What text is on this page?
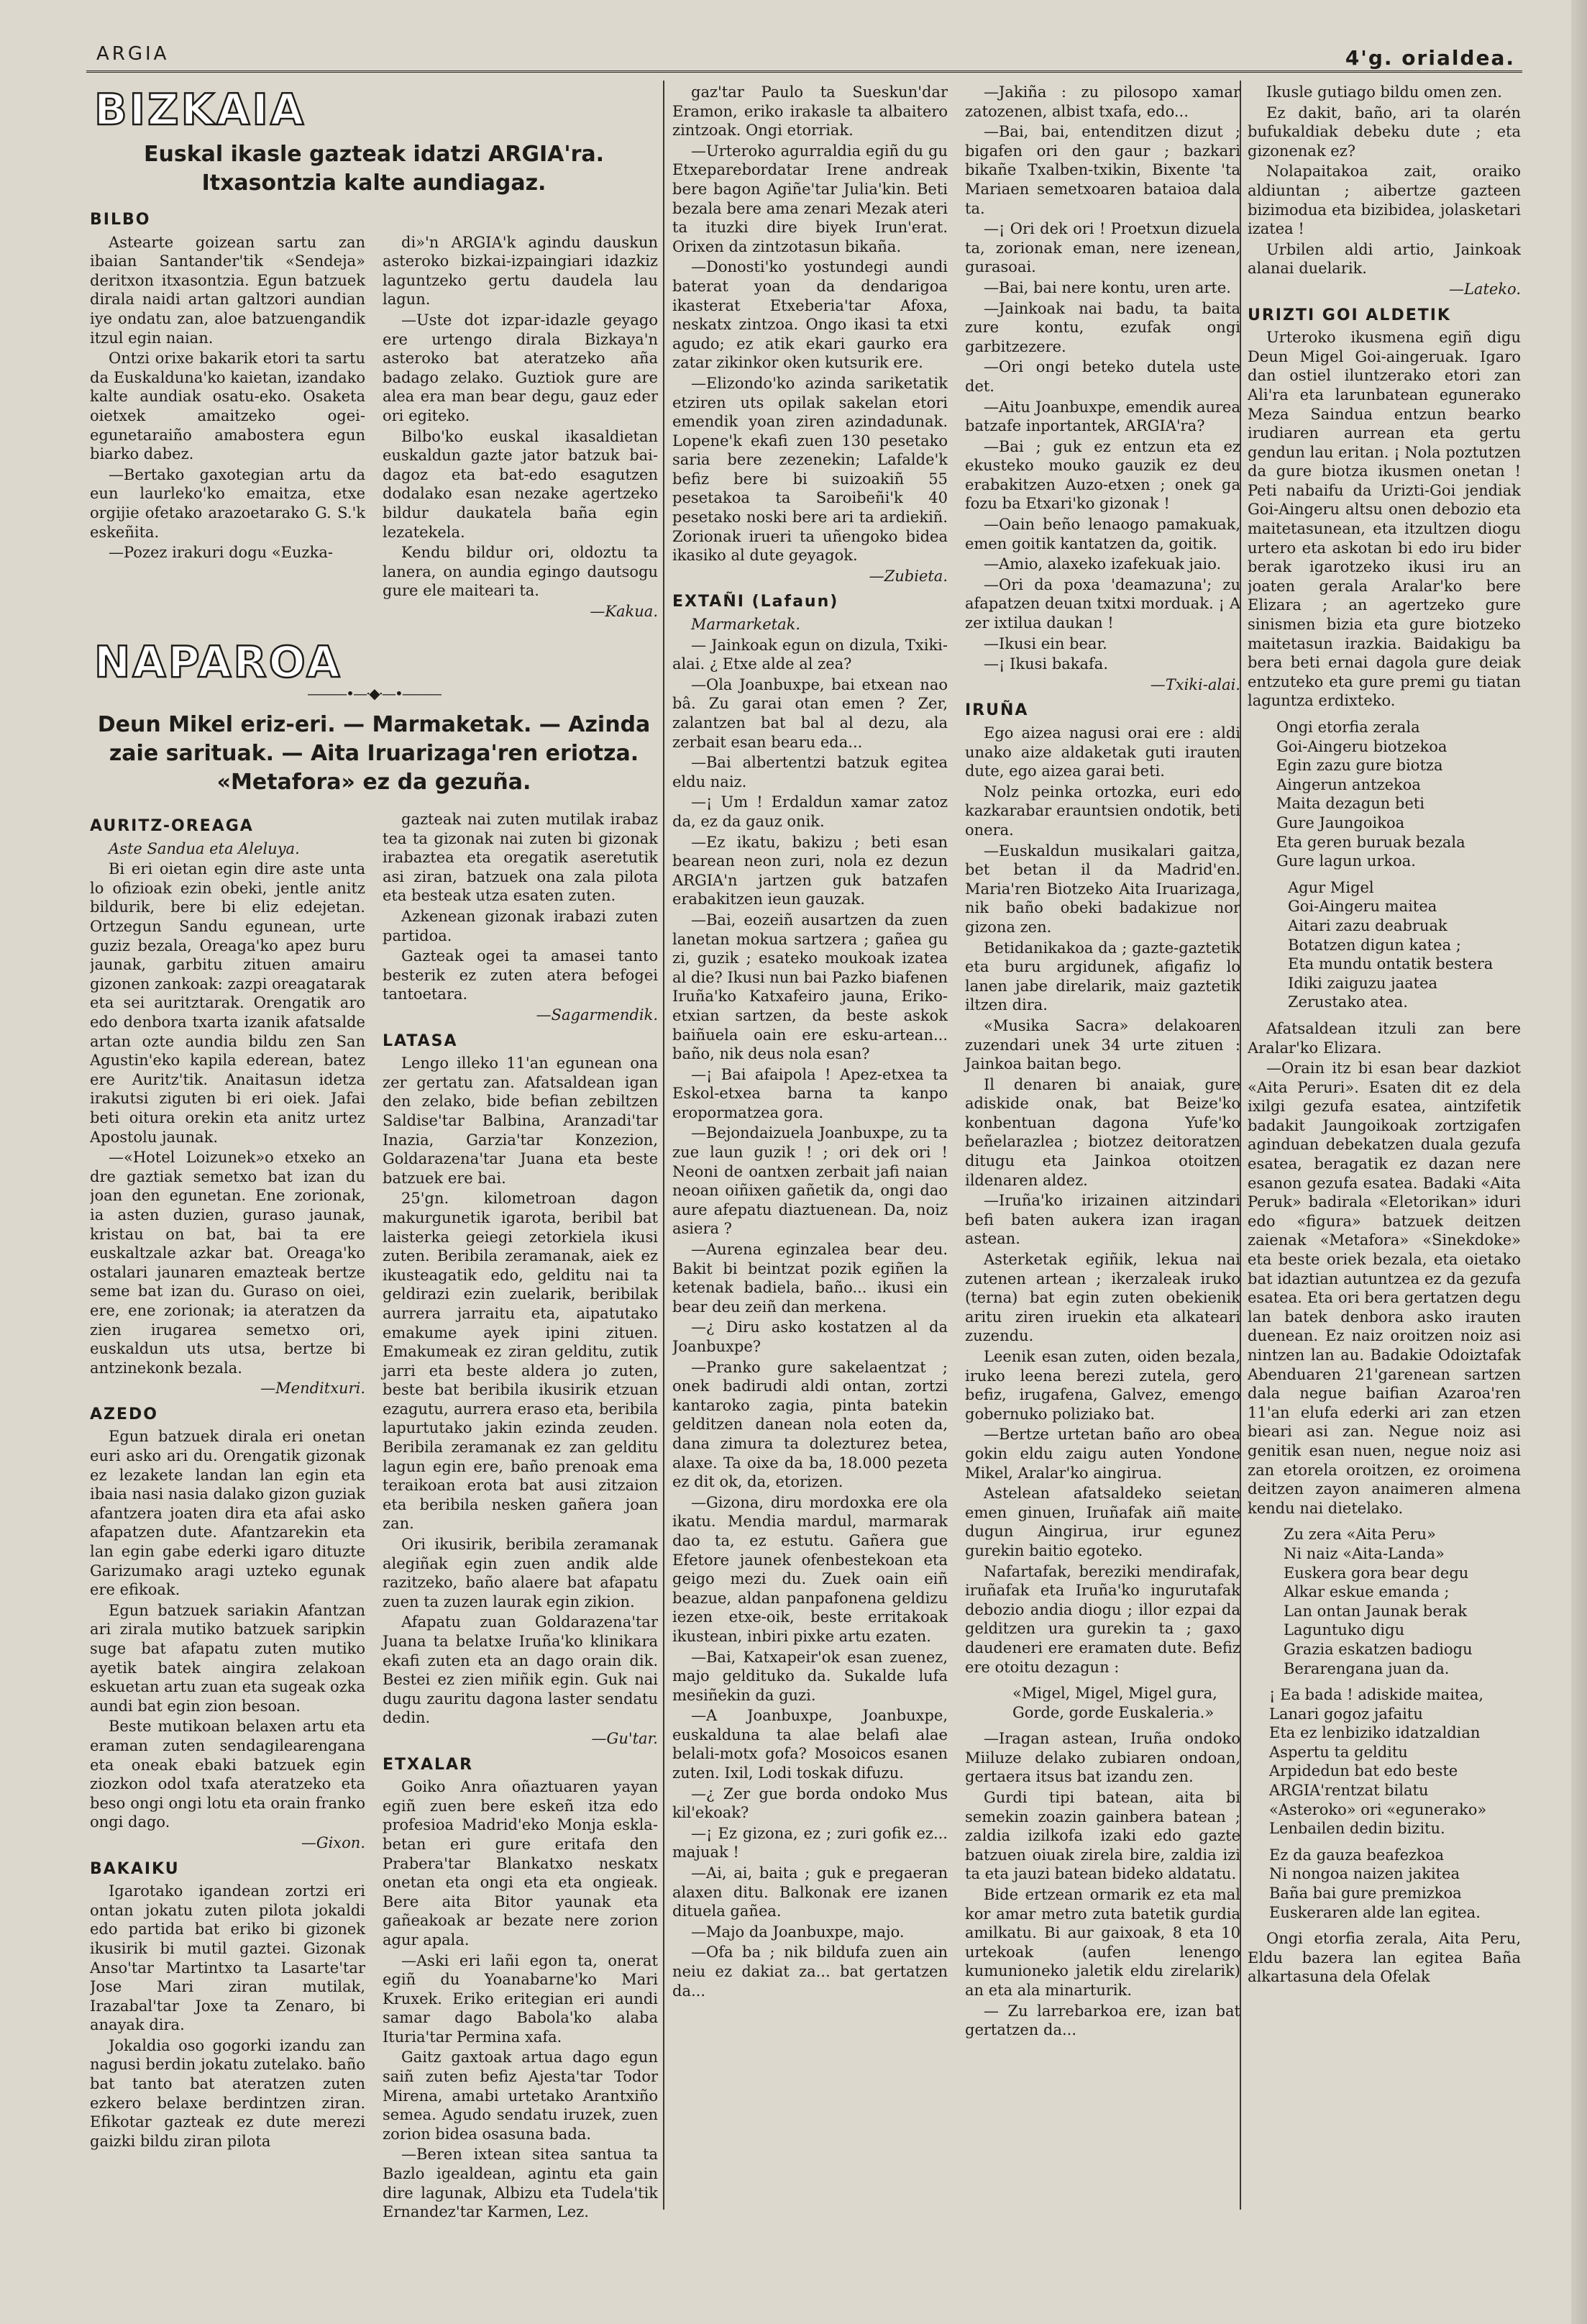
ARGIA	4'g. orialdea.
BIZKAIA
Euskal ikasle gazteak idatzi ARGIA'ra.
Itxasontzia kalte aundiagaz.
BILBO

Astearte goizean sartu zan ibaian Santander'tik «Sendeja» deritxon itxasontzia. Egun batzuek dirala naidi artan galtzori aundian iye ondatu zan, aloe batzuengandik itzul egin naian.

Ontzi orixe bakarik etori ta sartu da Euskalduna'ko kaietan, izandako kalte aundiak osatu-eko. Osaketa oietxek amaitzeko ogei-egunetaraiño amabostera egun biarko dabez.

—Bertako gaxotegian artu da eun laurleko'ko emaitza, etxe orgijie ofetako arazoetarako G. S.'k eskeñita.

—Pozez irakuri dogu «Euzka-

di»'n ARGIA'k agindu dauskun asteroko bizkai-izpaingiari idazkiz laguntzeko gertu daudela lau lagun.

—Uste dot izpar-idazle geyago ere urtengo dirala Bizkaya'n asteroko bat ateratzeko aña badago zelako. Guztiok gure are alea era man bear degu, gauz eder ori egiteko.

Bilbo'ko euskal ikasaldietan euskaldun gazte jator batzuk bai-dagoz eta bat-edo esagutzen dodalako esan nezake agertzeko bildur daukatela baña egin lezatekela.

Kendu bildur ori, oldoztu ta lanera, on aundia egingo dautsogu gure ele maiteari ta.

—Kakua.

NAPAROA
———•—·◆·—•———
Deun Mikel eriz-eri. — Marmaketak. — Azinda zaie sarituak. — Aita Iruarizaga'ren eriotza.
«Metafora» ez da gezuña.
AURITZ-OREAGA

Aste Sandua eta Aleluya.

Bi eri oietan egin dire aste unta lo ofizioak ezin obeki, jentle anitz bildurik, bere bi eliz edejetan. Ortzegun Sandu egunean, urte guziz bezala, Oreaga'ko apez buru jaunak, garbitu zituen amairu gizonen zankoak: zazpi oreagatarak eta sei auritztarak. Orengatik aro edo denbora txarta izanik afatsalde artan ozte aundia bildu zen San Agustin'eko kapila ederean, batez ere Auritz'tik. Anaitasun idetza irakutsi ziguten bi eri oiek. Jafai beti oitura orekin eta anitz urtez Apostolu jaunak.

—«Hotel Loizunek»o etxeko an dre gaztiak semetxo bat izan du joan den egunetan. Ene zorionak, ia asten duzien, guraso jaunak, kristau on bat, bai ta ere euskaltzale azkar bat. Oreaga'ko ostalari jaunaren emazteak bertze seme bat izan du. Guraso on oiei, ere, ene zorionak; ia ateratzen da zien irugarea semetxo ori, euskaldun uts utsa, bertze bi antzinekonk bezala.

—Menditxuri.

AZEDO

Egun batzuek dirala eri onetan euri asko ari du. Orengatik gizonak ez lezakete landan lan egin eta ibaia nasi nasia dalako gizon guziak afantzera joaten dira eta afai asko afapatzen dute. Afantzarekin eta lan egin gabe ederki igaro dituzte Garizumako aragi uzteko egunak ere efikoak.

Egun batzuek sariakin Afantzan ari zirala mutiko batzuek saripkin suge bat afapatu zuten mutiko ayetik batek aingira zelakoan eskuetan artu zuan eta sugeak ozka aundi bat egin zion besoan.

Beste mutikoan belaxen artu eta eraman zuten sendagilearengana eta oneak ebaki batzuek egin ziozkon odol txafa ateratzeko eta beso ongi ongi lotu eta orain franko ongi dago.

—Gixon.

BAKAIKU

Igarotako igandean zortzi eri ontan jokatu zuten pilota jokaldi edo partida bat eriko bi gizonek ikusirik bi mutil gaztei. Gizonak Anso'tar Martintxo ta Lasarte'tar Jose Mari ziran mutilak, Irazabal'tar Joxe ta Zenaro, bi anayak dira.

Jokaldia oso gogorki izandu zan nagusi berdin jokatu zutelako. baño bat tanto bat ateratzen zuten ezkero belaxe berdintzen ziran. Efikotar gazteak ez dute merezi gaizki bildu ziran pilota

gazteak nai zuten mutilak irabaz tea ta gizonak nai zuten bi gizonak irabaztea eta oregatik aseretutik asi ziran, batzuek ona zala pilota eta besteak utza esaten zuten.

Azkenean gizonak irabazi zuten partidoa.

Gazteak ogei ta amasei tanto besterik ez zuten atera befogei tantoetara.

—Sagarmendik.

LATASA

Lengo illeko 11'an egunean ona zer gertatu zan. Afatsaldean igan den zelako, bide befian zebiltzen Saldise'tar Balbina, Aranzadi'tar Inazia, Garzia'tar Konzezion, Goldarazena'tar Juana eta beste batzuek ere bai.

25'gn. kilometroan dagon makurgunetik igarota, beribil bat laisterka geiegi zetorkiela ikusi zuten. Beribila zeramanak, aiek ez ikusteagatik edo, gelditu nai ta geldirazi ezin zuelarik, beribilak aurrera jarraitu eta, aipatutako emakume ayek ipini zituen. Emakumeak ez ziran gelditu, zutik jarri eta beste aldera jo zuten, beste bat beribila ikusirik etzuan ezagutu, aurrera eraso eta, beribila lapurtutako jakin ezinda zeuden. Beribila zeramanak ez zan gelditu lagun egin ere, baño prenoak ema teraikoan erota bat ausi zitzaion eta beribila nesken gañera joan zan.

Ori ikusirik, beribila zeramanak alegiñak egin zuen andik alde razitzeko, baño alaere bat afapatu zuen ta zuzen laurak egin zikion.

Afapatu zuan Goldarazena'tar Juana ta belatxe Iruña'ko klinikara ekafi zuten eta an dago orain dik. Bestei ez zien miñik egin. Guk nai dugu zauritu dagona laster sendatu dedin.

—Gu'tar.

ETXALAR

Goiko Anra oñaztuaren yayan egiñ zuen bere eskeñ itza edo profesioa Madrid'eko Monja eskla-betan eri gure eritafa den Prabera'tar Blankatxo neskatx onetan eta ongi eta eta ongieak. Bere aita Bitor yaunak eta gañeakoak ar bezate nere zorion agur apala.

—Aski eri lañi egon ta, onerat egiñ du Yoanabarne'ko Mari Kruxek. Eriko eritegian eri aundi samar dago Babola'ko alaba Ituria'tar Permina xafa.

Gaitz gaxtoak artua dago egun saiñ zuten befiz Ajesta'tar Todor Mirena, amabi urtetako Arantxiño semea. Agudo sendatu iruzek, zuen zorion bidea osasuna bada.

—Beren ixtean sitea santua ta Bazlo igealdean, agintu eta gain dire lagunak, Albizu eta Tudela'tik Ernandez'tar Karmen, Lez.

gaz'tar Paulo ta Sueskun'dar Eramon, eriko irakasle ta albaitero zintzoak. Ongi etorriak.

—Urteroko agurraldia egiñ du gu Etxeparebordatar Irene andreak bere bagon Agiñe'tar Julia'kin. Beti bezala bere ama zenari Mezak ateri ta ituzki dire biyek Irun'erat. Orixen da zintzotasun bikaña.

—Donosti'ko yostundegi aundi baterat yoan da dendarigoa ikasterat Etxeberia'tar Afoxa, neskatx zintzoa. Ongo ikasi ta etxi agudo; ez atik ekari gaurko era zatar zikinkor oken kutsurik ere.

—Elizondo'ko azinda sariketatik etziren uts opilak sakelan etori emendik yoan ziren azindadunak. Lopene'k ekafi zuen 130 pesetako saria bere zezenekin; Lafalde'k befiz bere bi suizoakiñ 55 pesetakoa ta Saroibeñi'k 40 pesetako noski bere ari ta ardiekiñ. Zorionak irueri ta uñengoko bidea ikasiko al dute geyagok.

—Zubieta.

EXTAÑI (Lafaun)

Marmarketak.

— Jainkoak egun on dizula, Txiki-alai. ¿ Etxe alde al zea?

—Ola Joanbuxpe, bai etxean nao bâ. Zu garai otan emen ? Zer, zalantzen bat bal al dezu, ala zerbait esan bearu eda...

—Bai albertentzi batzuk egitea eldu naiz.

—¡ Um ! Erdaldun xamar zatoz da, ez da gauz onik.

—Ez ikatu, bakizu ; beti esan bearean neon zuri, nola ez dezun ARGIA'n jartzen guk batzafen erabakitzen ieun gauzak.

—Bai, eozeiñ ausartzen da zuen lanetan mokua sartzera ; gañea gu zi, guzik ; esateko moukoak izatea al die? Ikusi nun bai Pazko biafenen Iruña'ko Katxafeiro jauna, Eriko-etxian sartzen, da beste askok baiñuela oain ere esku-artean... baño, nik deus nola esan?

—¡ Bai afaipola ! Apez-etxea ta Eskol-etxea barna ta kanpo eropormatzea gora.

—Bejondaizuela Joanbuxpe, zu ta zue laun guzik ! ; ori dek ori ! Neoni de oantxen zerbait jafi naian neoan oiñixen gañetik da, ongi dao aure afepatu diaztuenean. Da, noiz asiera ?

—Aurena eginzalea bear deu. Bakit bi beintzat pozik egiñen la ketenak badiela, baño... ikusi ein bear deu zeiñ dan merkena.

—¿ Diru asko kostatzen al da Joanbuxpe?

—Pranko gure sakelaentzat ; onek badirudi aldi ontan, zortzi kantaroko zagia, pinta batekin gelditzen danean nola eoten da, dana zimura ta dolezturez betea, alaxe. Ta oixe da ba, 18.000 pezeta ez dit ok, da, etorizen.

—Gizona, diru mordoxka ere ola ikatu. Mendia mardul, marmarak dao ta, ez estutu. Gañera gue Efetore jaunek ofenbestekoan eta geigo mezi du. Zuek oain eiñ beazue, aldan panpafonena geldizu iezen etxe-oik, beste erritakoak ikustean, inbiri pixke artu ezaten.

—Bai, Katxapeir'ok esan zuenez, majo geldituko da. Sukalde lufa mesiñekin da guzi.

—A Joanbuxpe, Joanbuxpe, euskalduna ta alae belafi alae belali-motx gofa? Mosoicos esanen zuten. Ixil, Lodi toskak difuzu.

—¿ Zer gue borda ondoko Mus kil'ekoak?

—¡ Ez gizona, ez ; zuri gofik ez... majuak !

—Ai, ai, baita ; guk e pregaeran alaxen ditu. Balkonak ere izanen dituela gañea.

—Majo da Joanbuxpe, majo.

—Ofa ba ; nik bildufa zuen ain neiu ez dakiat za... bat gertatzen da...

—Jakiña : zu pilosopo xamar zatozenen, albist txafa, edo...

—Bai, bai, entenditzen dizut ; bigafen ori den gaur ; bazkari bikañe Txalben-txikin, Bixente 'ta Mariaen semetxoaren bataioa dala ta.

—¡ Ori dek ori ! Proetxun dizuela ta, zorionak eman, nere izenean, gurasoai.

—Bai, bai nere kontu, uren arte.

—Jainkoak nai badu, ta baita zure kontu, ezufak ongi garbitzezere.

—Ori ongi beteko dutela uste det.

—Aitu Joanbuxpe, emendik aurea batzafe inportantek, ARGIA'ra?

—Bai ; guk ez entzun eta ez ekusteko mouko gauzik ez deu erabakitzen Auzo-etxen ; onek ga fozu ba Etxari'ko gizonak !

—Oain beño lenaogo pamakuak, emen goitik kantatzen da, goitik.

—Amio, alaxeko izafekuak jaio.

—Ori da poxa 'deamazuna'; zu afapatzen deuan txitxi morduak. ¡ A zer ixtilua daukan !

—Ikusi ein bear.

—¡ Ikusi bakafa.

—Txiki-alai.

IRUÑA

Ego aizea nagusi orai ere : aldi unako aize aldaketak guti irauten dute, ego aizea garai beti.

Nolz peinka ortozka, euri edo kazkarabar erauntsien ondotik, beti onera.

—Euskaldun musikalari gaitza, bet betan il da Madrid'en. Maria'ren Biotzeko Aita Iruarizaga, nik baño obeki badakizue nor gizona zen.

Betidanikakoa da ; gazte-gaztetik eta buru argidunek, afigafiz lo lanen jabe direlarik, maiz gaztetik iltzen dira.

«Musika Sacra» delakoaren zuzendari unek 34 urte zituen : Jainkoa baitan bego.

Il denaren bi anaiak, gure adiskide onak, bat Beize'ko konbentuan dagona Yufe'ko beñelarazlea ; biotzez deitoratzen ditugu eta Jainkoa otoitzen ildenaren aldez.

—Iruña'ko irizainen aitzindari befi baten aukera izan iragan astean.

Asterketak egiñik, lekua nai zutenen artean ; ikerzaleak iruko (terna) bat egin zuten obekienik aritu ziren iruekin eta alkateari zuzendu.

Leenik esan zuten, oiden bezala, iruko leena berezi zutela, gero befiz, irugafena, Galvez, emengo gobernuko poliziako bat.

—Bertze urtetan baño aro obea gokin eldu zaigu auten Yondone Mikel, Aralar'ko aingirua.

Astelean afatsaldeko seietan emen ginuen, Iruñafak aiñ maite dugun Aingirua, irur egunez gurekin baitio egoteko.

Nafartafak, bereziki mendirafak, iruñafak eta Iruña'ko ingurutafak debozio andia diogu ; illor ezpai da gelditzen ura gurekin ta ; gaxo daudeneri ere eramaten dute. Befiz ere otoitu dezagun :

«Migel, Migel, Migel gura,
Gorde, gorde Euskaleria.»

—Iragan astean, Iruña ondoko Miiluze delako zubiaren ondoan, gertaera itsus bat izandu zen.

Gurdi tipi batean, aita bi semekin zoazin gainbera batean ; zaldia izilkofa izaki edo gazte batzuen oiuak zirela bire, zaldia izi ta eta jauzi batean bideko aldatatu.

Bide ertzean ormarik ez eta mal kor amar metro zuta batetik gurdia amilkatu. Bi aur gaixoak, 8 eta 10 urtekoak (aufen lenengo kumunioneko jaletik eldu zirelarik) an eta ala minarturik.

— Zu larrebarkoa ere, izan bat gertatzen da...

Ikusle gutiago bildu omen zen.

Ez dakit, baño, ari ta olarén bufukaldiak debeku dute ; eta gizonenak ez?

Nolapaitakoa zait, oraiko aldiuntan ; aibertze gazteen bizimodua eta bizibidea, jolasketari izatea !

Urbilen aldi artio, Jainkoak alanai duelarik.

—Lateko.

URIZTI GOI ALDETIK

Urteroko ikusmena egiñ digu Deun Migel Goi-aingeruak. Igaro dan ostiel iluntzerako etori zan Ali'ra eta larunbatean egunerako Meza Saindua entzun bearko irudiaren aurrean eta gertu gendun lau eritan. ¡ Nola poztutzen da gure biotza ikusmen onetan ! Peti nabaifu da Urizti-Goi jendiak Goi-Aingeru altsu onen debozio eta maitetasunean, eta itzultzen diogu urtero eta askotan bi edo iru bider berak igarotzeko ikusi iru an joaten gerala Aralar'ko bere Elizara ; an agertzeko gure sinismen bizia eta gure biotzeko maitetasun irazkia. Baidakigu ba bera beti ernai dagola gure deiak entzuteko eta gure premi gu tiatan laguntza erdixteko.

Ongi etorfia zerala
Goi-Aingeru biotzekoa
Egin zazu gure biotza
Aingerun antzekoa
Maita dezagun beti
Gure Jaungoikoa
Eta geren buruak bezala
Gure lagun urkoa.
Agur Migel
Goi-Aingeru maitea
Aitari zazu deabruak
Botatzen digun katea ;
Eta mundu ontatik bestera
Idiki zaiguzu jaatea
Zerustako atea.

Afatsaldean itzuli zan bere Aralar'ko Elizara.

—Orain itz bi esan bear dazkiot «Aita Peruri». Esaten dit ez dela ixilgi gezufa esatea, aintzifetik badakit Jaungoikoak zortzigafen aginduan debekatzen duala gezufa esatea, beragatik ez dazan nere esanon gezufa esatea. Badaki «Aita Peruk» badirala «Eletorikan» iduri edo «figura» batzuek deitzen zaienak «Metafora» «Sinekdoke» eta beste oriek bezala, eta oietako bat idaztian autuntzea ez da gezufa esatea. Eta ori bera gertatzen degu lan batek denbora asko irauten duenean. Ez naiz oroitzen noiz asi nintzen lan au. Badakie Odoiztafak Abenduaren 21'garenean sartzen dala negue baifian Azaroa'ren 11'an elufa ederki ari zan etzen bieari asi zan. Negue noiz asi genitik esan nuen, negue noiz asi zan etorela oroitzen, ez oroimena deitzen zayon anaimeren almena kendu nai dietelako.

Zu zera «Aita Peru»
Ni naiz «Aita-Landa»
Euskera gora bear degu
Alkar eskue emanda ;
Lan ontan Jaunak berak
Laguntuko digu
Grazia eskatzen badiogu
Berarengana juan da.
¡ Ea bada ! adiskide maitea,
Lanari gogoz jafaitu
Eta ez lenbiziko idatzaldian
Aspertu ta gelditu
Arpidedun bat edo beste
ARGIA'rentzat bilatu
«Asteroko» ori «egunerako»
Lenbailen dedin bizitu.
Ez da gauza beafezkoa
Ni nongoa naizen jakitea
Baña bai gure premizkoa
Euskeraren alde lan egitea.

Ongi etorfia zerala, Aita Peru, Eldu bazera lan egitea Baña alkartasuna dela Ofelak
